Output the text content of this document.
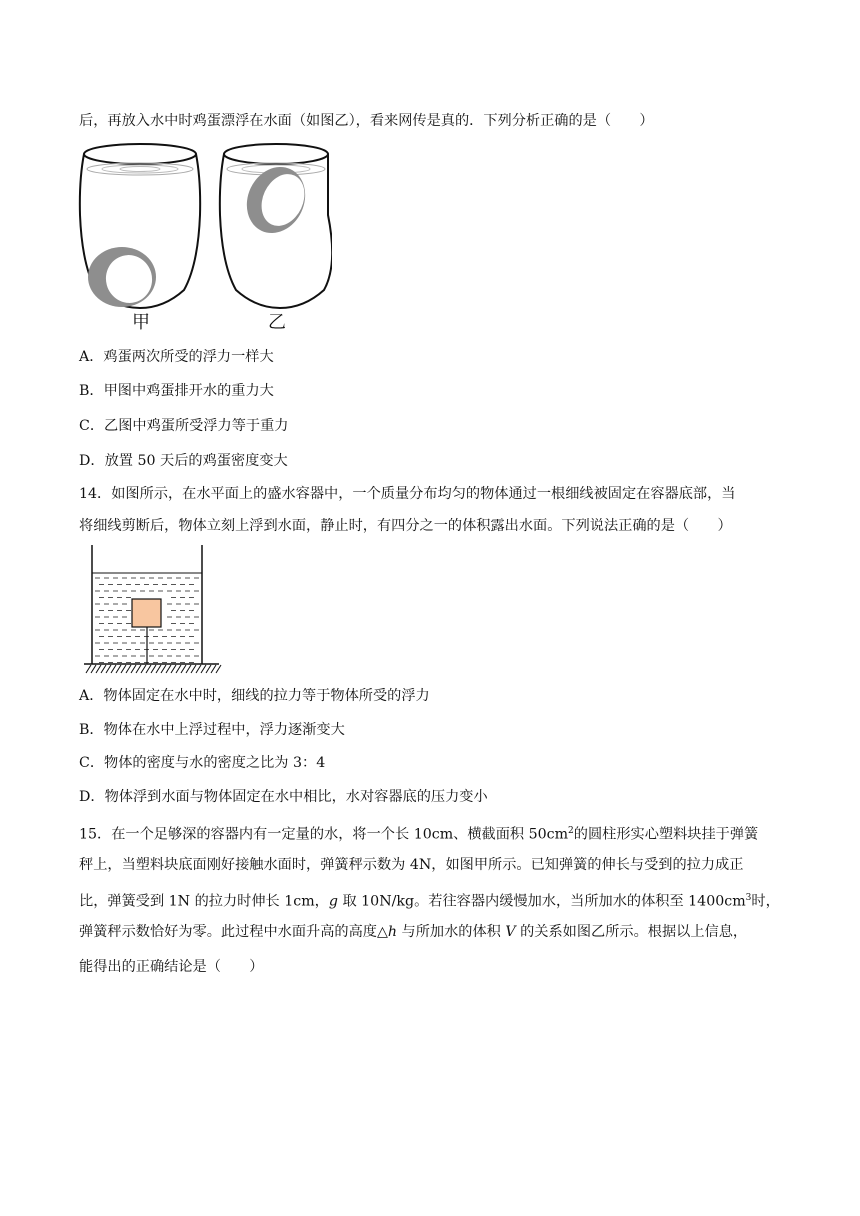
后，再放入水中时鸡蛋漂浮在水面（如图乙），看来网传是真的．下列分析正确的是（　　）
甲	乙
A．鸡蛋两次所受的浮力一样大
B．甲图中鸡蛋排开水的重力大
C．乙图中鸡蛋所受浮力等于重力
D．放置 50 天后的鸡蛋密度变大
14．如图所示，在水平面上的盛水容器中，一个质量分布均匀的物体通过一根细线被固定在容器底部，当
将细线剪断后，物体立刻上浮到水面，静止时，有四分之一的体积露出水面。下列说法正确的是（　　）
A．物体固定在水中时，细线的拉力等于物体所受的浮力
B．物体在水中上浮过程中，浮力逐渐变大
C．物体的密度与水的密度之比为 3：4
D．物体浮到水面与物体固定在水中相比，水对容器底的压力变小
15．在一个足够深的容器内有一定量的水，将一个长 10cm、横截面积 $50cm^2$的圆柱形实心塑料块挂于弹簧
秤上，当塑料块底面刚好接触水面时，弹簧秤示数为 4N，如图甲所示。已知弹簧的伸长与受到的拉力成正
比，弹簧受到 1N 的拉力时伸长 1cm，g 取 10N/kg。若往容器内缓慢加水，当所加水的体积至 $1400cm^3$时，
弹簧秤示数恰好为零。此过程中水面升高的高度△h 与所加水的体积 V 的关系如图乙所示。根据以上信息，
能得出的正确结论是（　　）
